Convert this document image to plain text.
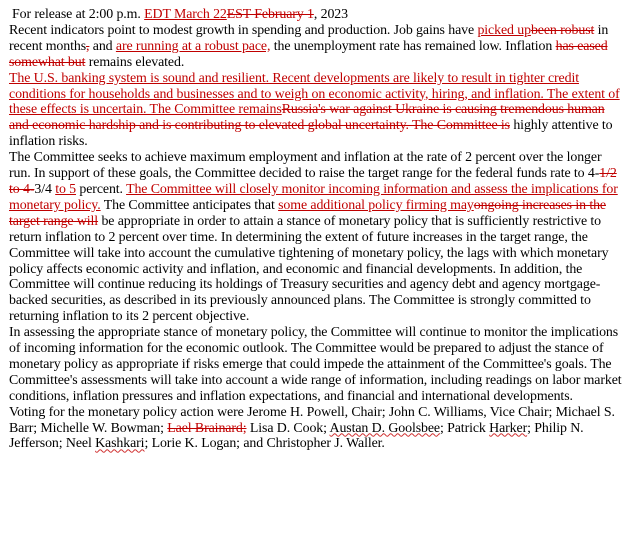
For release at 2:00 p.m. EDT March 22EST February 1, 2023

Recent indicators point to modest growth in spending and production. Job gains have picked upbeen robust in recent months, and are running at a robust pace, the unemployment rate has remained low. Inflation has eased somewhat but remains elevated.

The U.S. banking system is sound and resilient. Recent developments are likely to result in tighter credit conditions for households and businesses and to weigh on economic activity, hiring, and inflation. The extent of these effects is uncertain. The Committee remainsRussia's war against Ukraine is causing tremendous human and economic hardship and is contributing to elevated global uncertainty. The Committee is highly attentive to inflation risks.

The Committee seeks to achieve maximum employment and inflation at the rate of 2 percent over the longer run. In support of these goals, the Committee decided to raise the target range for the federal funds rate to 4-1/2 to 4-3/4 to 5 percent. The Committee will closely monitor incoming information and assess the implications for monetary policy. The Committee anticipates that some additional policy firming mayongoing increases in the target range will be appropriate in order to attain a stance of monetary policy that is sufficiently restrictive to return inflation to 2 percent over time. In determining the extent of future increases in the target range, the Committee will take into account the cumulative tightening of monetary policy, the lags with which monetary policy affects economic activity and inflation, and economic and financial developments. In addition, the Committee will continue reducing its holdings of Treasury securities and agency debt and agency mortgage-backed securities, as described in its previously announced plans. The Committee is strongly committed to returning inflation to its 2 percent objective.

In assessing the appropriate stance of monetary policy, the Committee will continue to monitor the implications of incoming information for the economic outlook. The Committee would be prepared to adjust the stance of monetary policy as appropriate if risks emerge that could impede the attainment of the Committee's goals. The Committee's assessments will take into account a wide range of information, including readings on labor market conditions, inflation pressures and inflation expectations, and financial and international developments.

Voting for the monetary policy action were Jerome H. Powell, Chair; John C. Williams, Vice Chair; Michael S. Barr; Michelle W. Bowman; Lael Brainard; Lisa D. Cook; Austan D. Goolsbee; Patrick Harker; Philip N. Jefferson; Neel Kashkari; Lorie K. Logan; and Christopher J. Waller.
